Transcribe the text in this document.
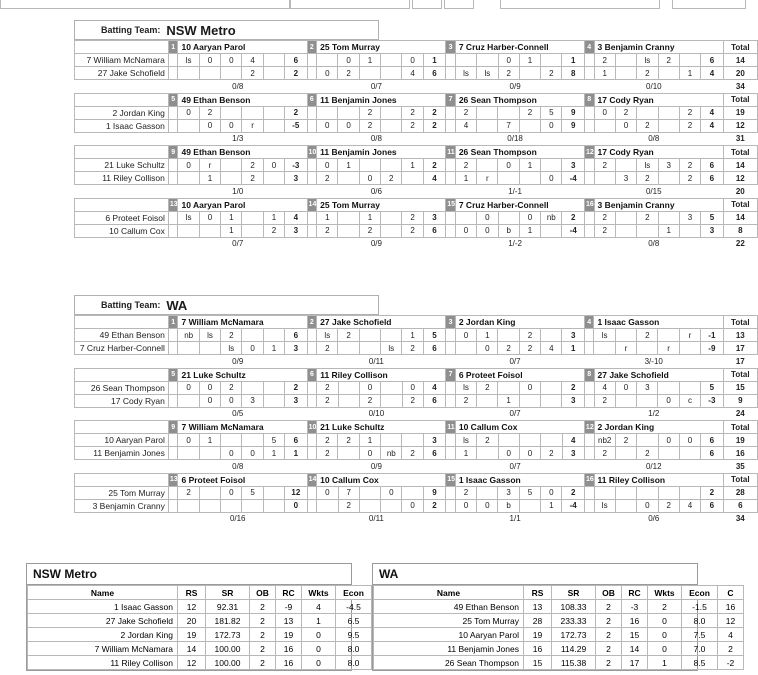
Batting Team: NSW Metro
	1	10 Aaryan Parol						2	25 Tom Murray						3	7 Cruz Harber-Connell						4	3 Benjamin Cranny						Total
7 William McNamara		ls	0	0	4		6			0	1		0	1				0	1		1		2		ls	2		6	14
27 Jake Schofield					2		2		0	2			4	6		ls	ls	2		2	8		1		2		1	4	20
	0/8							0/7							0/9							0/10							34
	5	49 Ethan Benson						6	11 Benjamin Jones						7	26 Sean Thompson						8	17 Cody Ryan						Total
2 Jordan King		0	2				2				2		2	2		2			2	5	9		0	2			2	4	19
1 Isaac Gasson			0	0	r		-5		0	0	2		2	2		4		7		0	9			0	2		2	4	12
	1/3							0/8							0/18							0/8							31
	9	49 Ethan Benson						10	11 Benjamin Jones						11	26 Sean Thompson						12	17 Cody Ryan						Total
21 Luke Schultz		0	r		2	0	-3		0	1			1	2		2		0	1		3		2		ls	3	2	6	14
11 Riley Collison			1		2		3		2		0	2		4		1	r			0	-4			3	2		2	6	12
	1/0							0/6							1/-1							0/15							20
	13	10 Aaryan Parol						14	25 Tom Murray						15	7 Cruz Harber-Connell						16	3 Benjamin Cranny						Total
6 Proteet Foisol		ls	0	1		1	4		1		1		2	3			0		0	nb	2		2		2		3	5	14
10 Callum Cox				1		2	3		2		2		2	6		0	0	b	1		-4		2			1		3	8
	0/7							0/9							1/-2							0/8							22
Batting Team: WA
	1	7 William McNamara						2	27 Jake Schofield						3	2 Jordan King						4	1 Isaac Gasson						Total
49 Ethan Benson		nb	ls	2			6		ls	2			1	5		0	1		2		3		ls		2		r	-1	13
7 Cruz Harber-Connell				ls	0	1	3		2			ls	2	6			0	2	2	4	1			r		r		-9	17
	0/9							0/11							0/7							3/-10							17
	5	21 Luke Schultz						6	11 Riley Collison						7	6 Proteet Foisol						8	27 Jake Schofield						Total
26 Sean Thompson		0	0	2			2		2		0		0	4		ls	2		0		2		4	0	3			5	15
17 Cody Ryan			0	0	3		3		2		2		2	6		2		1			3		2			0	c	-3	9
	0/5							0/10							0/7							1/2							24
	9	7 William McNamara						10	21 Luke Schultz						11	10 Callum Cox						12	2 Jordan King						Total
10 Aaryan Parol		0	1			5	6		2	2	1			3		ls	2				4		nb2	2		0	0	6	19
11 Benjamin Jones				0	0	1	1		2		0	nb	2	6		1		0	0	2	3		2		2			6	16
	0/8							0/9							0/7							0/12							35
	13	6 Proteet Foisol						14	10 Callum Cox						15	1 Isaac Gasson						16	11 Riley Collison						Total
25 Tom Murray		2		0	5		12		0	7		0		9		2		3	5	0	2							2	28
3 Benjamin Cranny							0			2			0	2		0	0	b		1	-4		ls		0	2	4	6	6
	0/16							0/11							1/1							0/6							34
NSW Metro
Name	RS	SR	OB	RC	Wkts	Econ	
1 Isaac Gasson	12	92.31	2	-9	4	-4.5	
27 Jake Schofield	20	181.82	2	13	1	6.5	
2 Jordan King	19	172.73	2	19	0	9.5	
7 William McNamara	14	100.00	2	16	0	8.0	
11 Riley Collison	12	100.00	2	16	0	8.0	
WA
Name	RS	SR	OB	RC	Wkts	Econ	C
49 Ethan Benson	13	108.33	2	-3	2	-1.5	16
25 Tom Murray	28	233.33	2	16	0	8.0	12
10 Aaryan Parol	19	172.73	2	15	0	7.5	4
11 Benjamin Jones	16	114.29	2	14	0	7.0	2
26 Sean Thompson	15	115.38	2	17	1	8.5	-2
